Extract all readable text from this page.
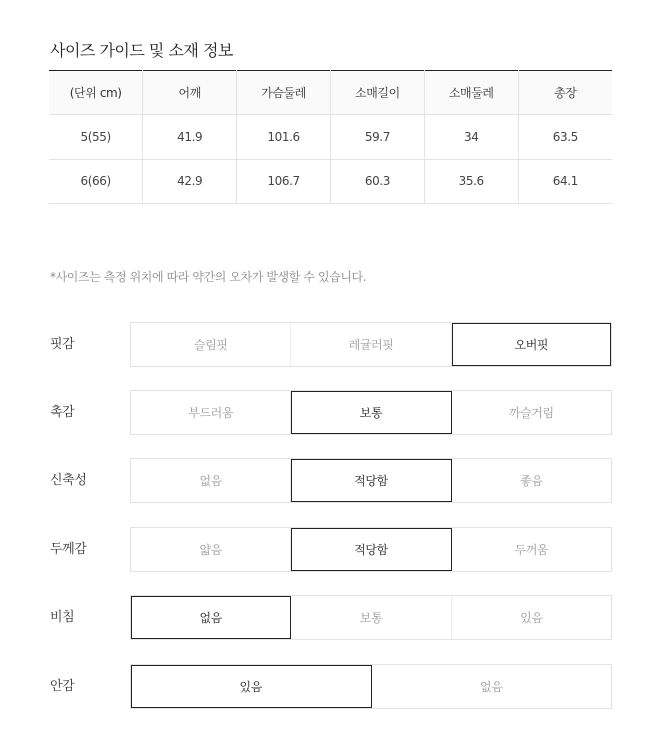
사이즈 가이드 및 소재 정보
(단위 cm)	어깨	가슴둘레	소매길이	소매둘레	총장
5(55)	41.9	101.6	59.7	34	63.5
6(66)	42.9	106.7	60.3	35.6	64.1
*사이즈는 측정 위치에 따라 약간의 오차가 발생할 수 있습니다.
핏감	슬림핏	레귤러핏	오버핏
촉감	부드러움	보통	까슬거림
신축성	없음	적당함	좋음
두께감	얇음	적당함	두꺼움
비침	없음	보통	있음
안감	있음	없음
